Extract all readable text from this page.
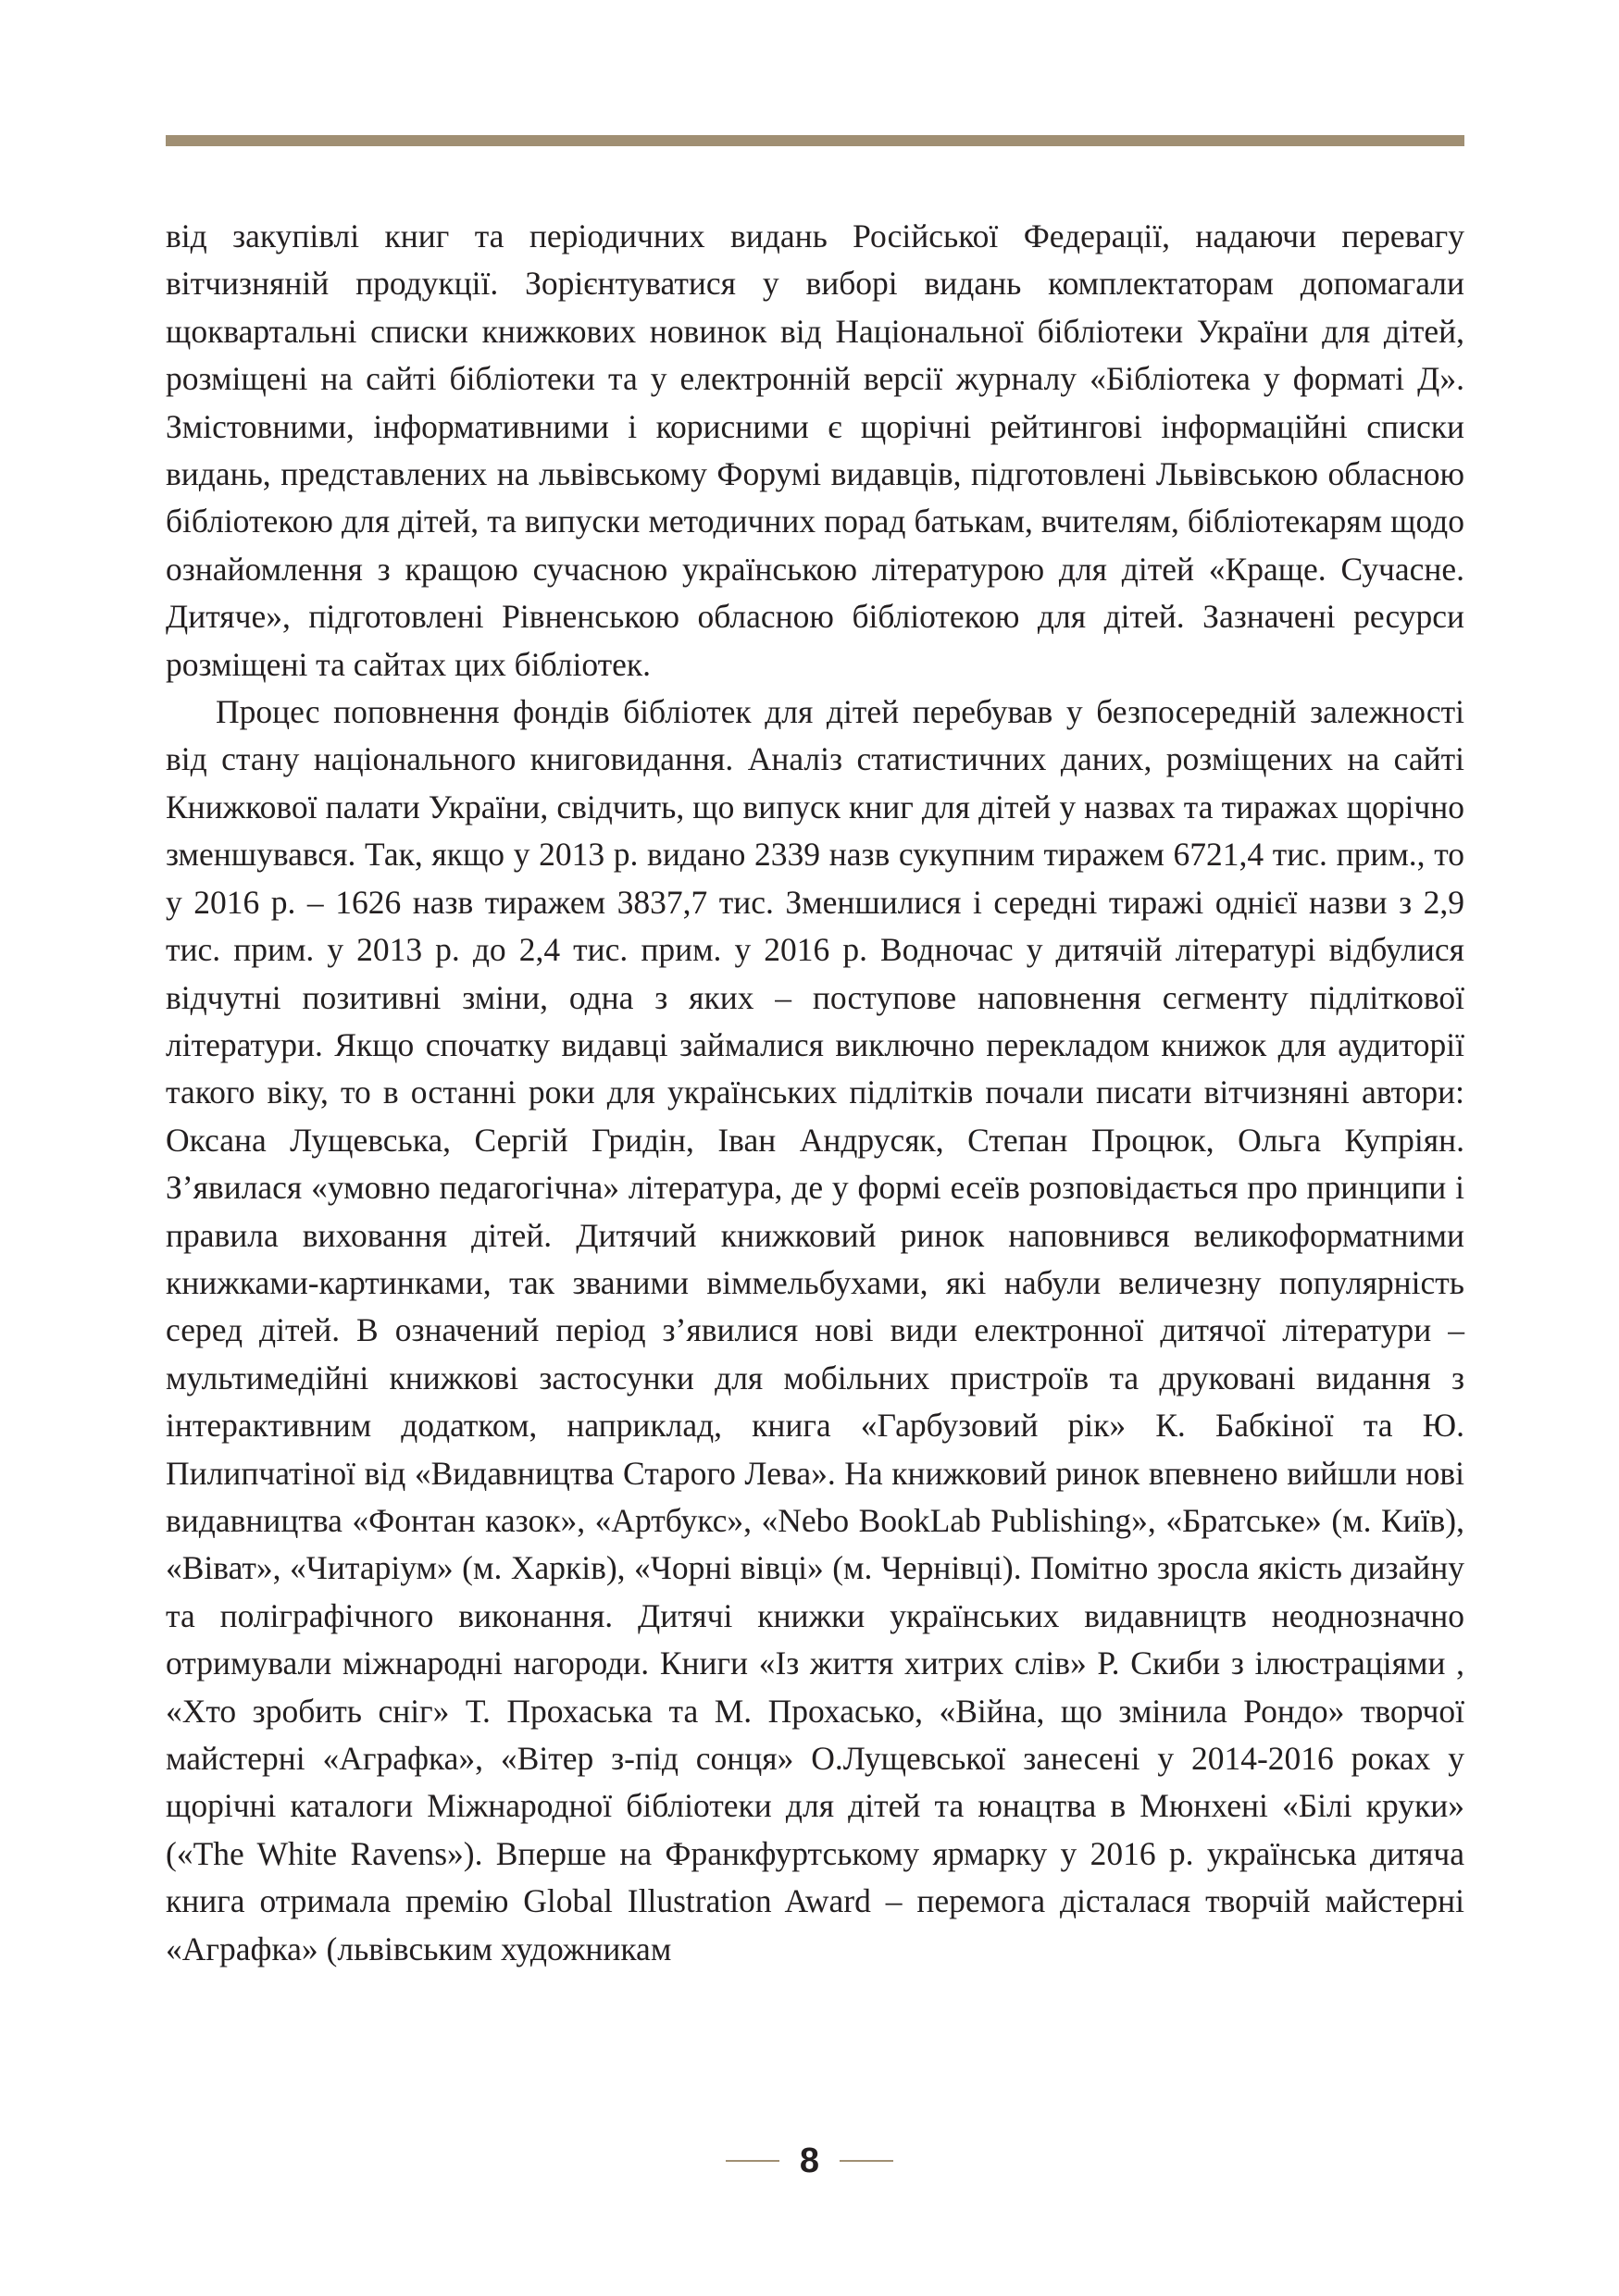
від закупівлі книг та періодичних видань Російської Федерації, надаючи перевагу вітчизняній продукції. Зорієнтуватися у виборі видань комплектаторам допомагали щоквартальні списки книжкових новинок від Національної бібліотеки України для дітей, розміщені на сайті бібліотеки та у електронній версії журналу «Бібліотека у форматі Д». Змістовними, інформативними і корисними є щорічні рейтингові інформаційні списки видань, представлених на львівському Форумі видавців, підготовлені Львівською обласною бібліотекою для дітей, та випуски методичних порад батькам, вчителям, бібліотекарям щодо ознайомлення з кращою сучасною українською літературою для дітей «Краще. Сучасне. Дитяче», підготовлені Рівненською обласною бібліотекою для дітей. Зазначені ресурси розміщені та сайтах цих бібліотек.

Процес поповнення фондів бібліотек для дітей перебував у безпосередній залежності від стану національного книговидання. Аналіз статистичних даних, розміщених на сайті Книжкової палати України, свідчить, що випуск книг для дітей у назвах та тиражах щорічно зменшувався. Так, якщо у 2013 р. видано 2339 назв сукупним тиражем 6721,4 тис. прим., то у 2016 р. – 1626 назв тиражем 3837,7 тис. Зменшилися і середні тиражі однієї назви з 2,9 тис. прим. у 2013 р. до 2,4 тис. прим. у 2016 р. Водночас у дитячій літературі відбулися відчутні позитивні зміни, одна з яких – поступове наповнення сегменту підліткової літератури. Якщо спочатку видавці займалися виключно перекладом книжок для аудиторії такого віку, то в останні роки для українських підлітків почали писати вітчизняні автори: Оксана Лущевська, Сергій Гридін, Іван Андрусяк, Степан Процюк, Ольга Купріян. З’явилася «умовно педагогічна» література, де у формі есеїв розповідається про принципи і правила виховання дітей. Дитячий книжковий ринок наповнився великоформатними книжками-картинками, так званими віммельбухами, які набули величезну популярність серед дітей. В означений період з’явилися нові види електронної дитячої літератури – мультимедійні книжкові застосунки для мобільних пристроїв та друковані видання з інтерактивним додатком, наприклад, книга «Гарбузовий рік» К. Бабкіної та Ю. Пилипчатіної від «Видавництва Старого Лева». На книжковий ринок впевнено вийшли нові видавництва «Фонтан казок», «Артбукс», «Nebo BookLab Publishing», «Братське» (м. Київ), «Віват», «Читаріум» (м. Харків), «Чорні вівці» (м. Чернівці). Помітно зросла якість дизайну та поліграфічного виконання. Дитячі книжки українських видавництв неоднозначно отримували міжнародні нагороди. Книги «Із життя хитрих слів» Р. Скиби з ілюстраціями , «Хто зробить сніг» Т. Прохаська та М. Прохасько, «Війна, що змінила Рондо» творчої майстерні «Аграфка», «Вітер з-під сонця» О.Лущевської занесені у 2014-2016 роках у щорічні каталоги Міжнародної бібліотеки для дітей та юнацтва в Мюнхені «Білі круки» («The White Ravens»). Вперше на Франкфуртському ярмарку у 2016 р. українська дитяча книга отримала премію Global Illustration Award – перемога дісталася творчій майстерні «Аграфка» (львівським художникам

8
